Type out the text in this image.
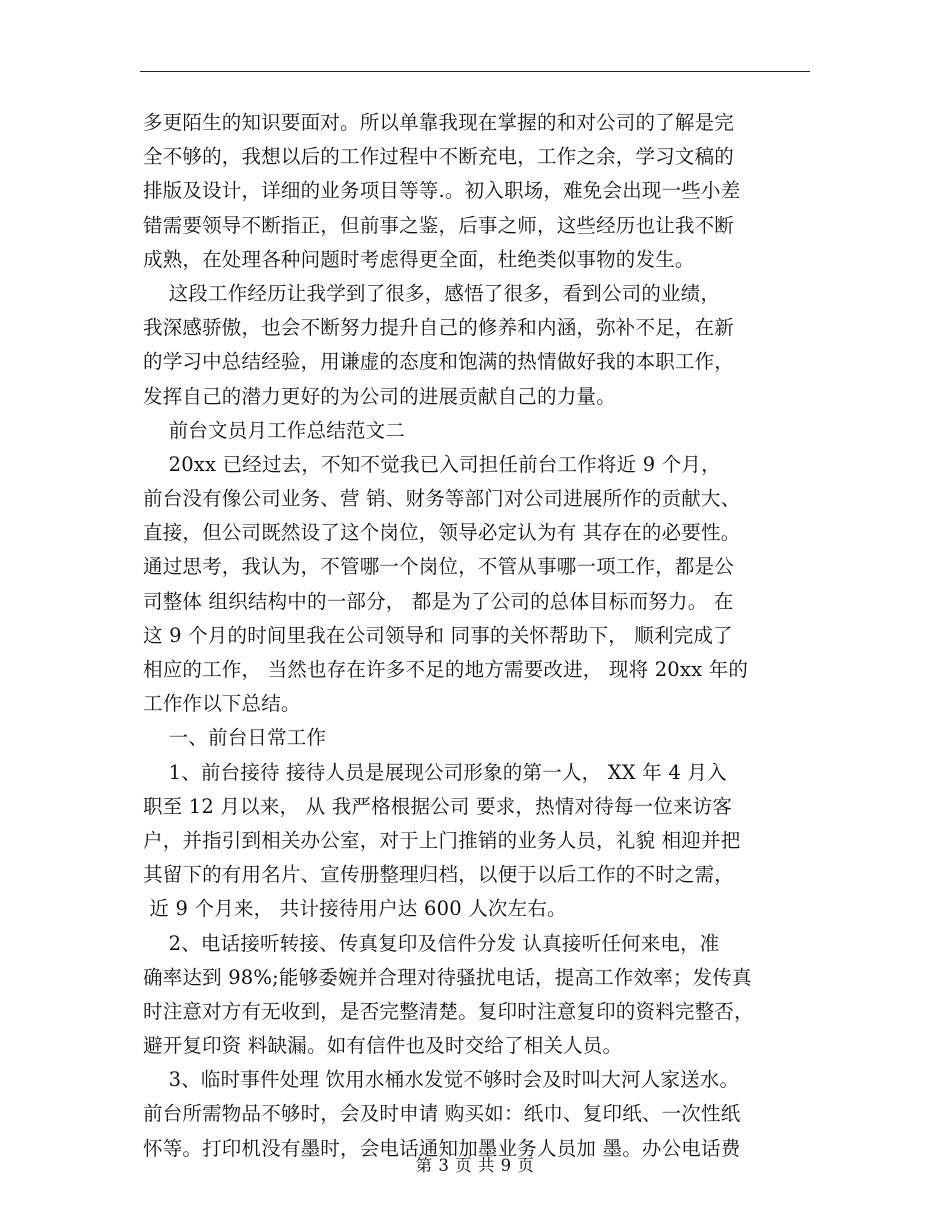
多更陌生的知识要面对。所以单靠我现在掌握的和对公司的了解是完
全不够的，我想以后的工作过程中不断充电，工作之余，学习文稿的
排版及设计，详细的业务项目等等.。初入职场，难免会出现一些小差
错需要领导不断指正，但前事之鉴，后事之师，这些经历也让我不断
成熟，在处理各种问题时考虑得更全面，杜绝类似事物的发生。
这段工作经历让我学到了很多，感悟了很多，看到公司的业绩，
我深感骄傲，也会不断努力提升自己的修养和内涵，弥补不足，在新
的学习中总结经验，用谦虚的态度和饱满的热情做好我的本职工作，
发挥自己的潜力更好的为公司的进展贡献自己的力量。
前台文员月工作总结范文二
20xx 已经过去，不知不觉我已入司担任前台工作将近 9 个月，
前台没有像公司业务、营 销、财务等部门对公司进展所作的贡献大、
直接，但公司既然设了这个岗位，领导必定认为有 其存在的必要性。
通过思考，我认为，不管哪一个岗位，不管从事哪一项工作，都是公
司整体 组织结构中的一部分， 都是为了公司的总体目标而努力。 在
这 9 个月的时间里我在公司领导和 同事的关怀帮助下， 顺利完成了
相应的工作， 当然也存在许多不足的地方需要改进， 现将 20xx 年的
工作作以下总结。
一、前台日常工作
1、前台接待 接待人员是展现公司形象的第一人， XX 年 4 月入
职至 12 月以来， 从 我严格根据公司 要求，热情对待每一位来访客
户，并指引到相关办公室，对于上门推销的业务人员，礼貌 相迎并把
其留下的有用名片、宣传册整理归档，以便于以后工作的不时之需，
近 9 个月来， 共计接待用户达 600 人次左右。
2、电话接听转接、传真复印及信件分发 认真接听任何来电，准
确率达到 98%;能够委婉并合理对待骚扰电话，提高工作效率；发传真
时注意对方有无收到，是否完整清楚。复印时注意复印的资料完整否，
避开复印资 料缺漏。如有信件也及时交给了相关人员。
3、临时事件处理 饮用水桶水发觉不够时会及时叫大河人家送水。
前台所需物品不够时，会及时申请 购买如：纸巾、复印纸、一次性纸
怀等。打印机没有墨时，会电话通知加墨业务人员加 墨。办公电话费
第 3 页 共 9 页
